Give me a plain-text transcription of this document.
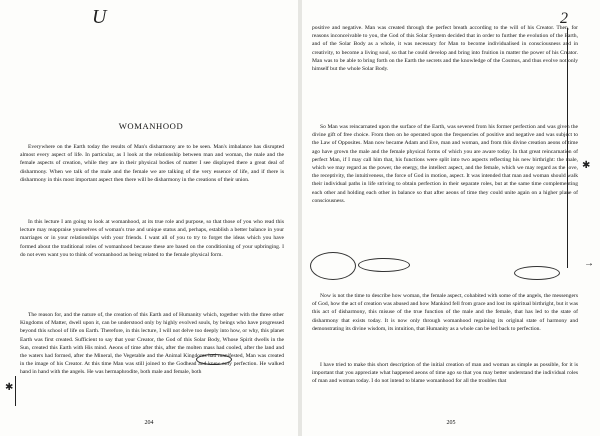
U
WOMANHOOD

Everywhere on the Earth today the results of Man's disharmony are to be seen. Man's imbalance has disrupted almost every aspect of life. In particular, as I look at the relationship between man and woman, the male and the female aspects of creation, while they are in their physical bodies of matter I see displayed there a great deal of disharmony. When we talk of the male and the female we are talking of the very essence of life, and if there is disharmony in this most important aspect then there will be disharmony in the creations of their union.

In this lecture I am going to look at womanhood, at its true role and purpose, so that those of you who read this lecture may reappraise yourselves of woman's true and unique status and, perhaps, establish a better balance in your marriages or in your relationships with your friends. I want all of you to try to forget the ideas which you have formed about the traditional roles of womanhood because these are based on the conditioning of your upbringing. I do not even want you to think of womanhood as being related to the female physical form.

The reason for, and the nature of, the creation of this Earth and of Humanity which, together with the three other Kingdoms of Matter, dwell upon it, can be understood only by highly evolved souls, by beings who have progressed beyond this school of life on Earth. Therefore, in this lecture, I will not delve too deeply into how, or why, this planet Earth was first created. Sufficient to say that your Creator, the God of this Solar Body, Whose Spirit dwells in the Sun, created this Earth with His mind. Aeons of time after this, after the molten mass had cooled, after the land and the waters had formed, after the Mineral, the Vegetable and the Animal Kingdoms had manifested, Man was created in the image of his Creator. At this time Man was still joined to the Godhead and knew only perfection. He walked hand in hand with the angels. He was hermaphrodite, both male and female, both

✱
204
2

positive and negative. Man was created through the perfect breath according to the will of his Creator. Then, for reasons inconceivable to you, the God of this Solar System decided that in order to further the evolution of the Earth, and of the Solar Body as a whole, it was necessary for Man to become individualised in consciousness and in creativity, to become a living soul, so that he could develop and bring into fruition in matter the power of his Creator. Man was to be able to bring forth on the Earth the secrets and the knowledge of the Cosmos, and thus evolve not only himself but the whole Solar Body.

So Man was reincarnated upon the surface of the Earth, was severed from his former perfection and was given the divine gift of free choice. From then on he operated upon the frequencies of positive and negative and was subject to the Law of Opposites. Man now became Adam and Eve, man and woman, and from this divine creation aeons of time ago have grown the male and the female physical forms of which you are aware today. In that great reincarnation of perfect Man, if I may call him that, his functions were split into two aspects reflecting his new birthright: the male, which we may regard as the power, the energy, the intellect aspect, and the female, which we may regard as the love, the receptivity, the intuitiveness, the force of God in motion, aspect. It was intended that man and woman should walk their individual paths in life striving to obtain perfection in their separate roles, but at the same time complementing each other and holding each other in balance so that after aeons of time they could unite again on a higher plane of consciousness.

Now is not the time to describe how woman, the female aspect, cohabited with some of the angels, the messengers of God, how the act of creation was abused and how Mankind fell from grace and lost its spiritual birthright, but it was this act of disharmony, this misuse of the true function of the male and the female, that has led to the state of disharmony that exists today. It is now only through womanhood regaining its original state of harmony and demonstrating its divine wisdom, its intuition, that Humanity as a whole can be led back to perfection.

I have tried to make this short description of the initial creation of man and woman as simple as possible, for it is important that you appreciate what happened aeons of time ago so that you may better understand the individual roles of man and woman today. I do not intend to blame womanhood for all the troubles that

✱
→
205
